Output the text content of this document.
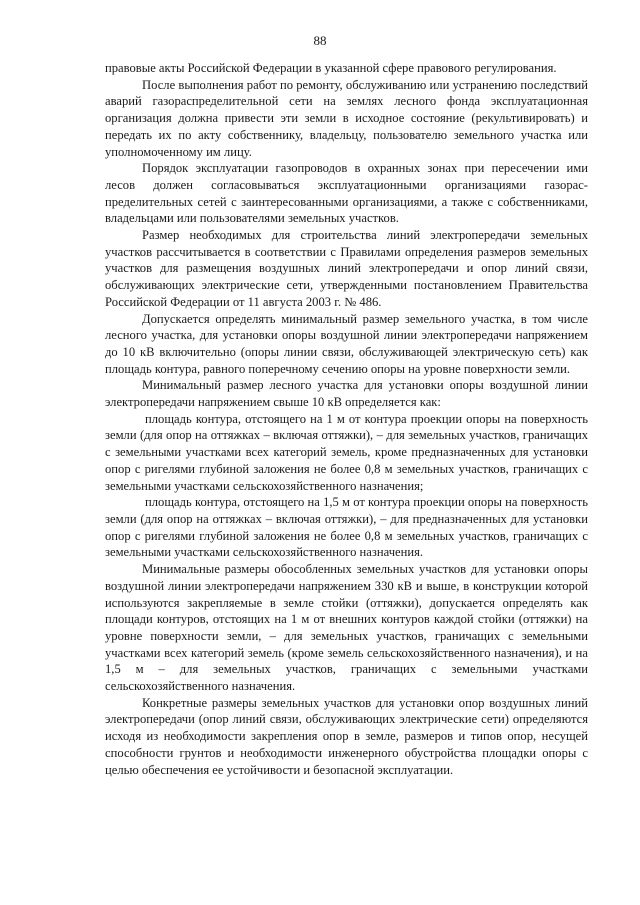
88

правовые акты Российской Федерации в указанной сфере правового регулирования.

После выполнения работ по ремонту, обслуживанию или устранению последствий аварий газораспределительной сети на землях лесного фонда эксплуатационная организация должна привести эти земли в исходное состояние (рекультивировать) и передать их по акту собственнику, владельцу, пользователю земельного участка или уполномоченному им лицу.

Порядок эксплуатации газопроводов в охранных зонах при пересечении ими лесов должен согласовываться эксплуатационными организациями газораспределительных сетей с заинтересованными организациями, а также с собственниками, владельцами или пользователями земельных участков.

Размер необходимых для строительства линий электропередачи земельных участков рассчитывается в соответствии с Правилами определения размеров земельных участков для размещения воздушных линий электропередачи и опор линий связи, обслуживающих электрические сети, утвержденными постановлением Правительства Российской Федерации от 11 августа 2003 г. № 486.

Допускается определять минимальный размер земельного участка, в том числе лесного участка, для установки опоры воздушной линии электропередачи напряжением до 10 кВ включительно (опоры линии связи, обслуживающей электрическую сеть) как площадь контура, равного поперечному сечению опоры на уровне поверхности земли.

Минимальный размер лесного участка для установки опоры воздушной линии электропередачи напряжением свыше 10 кВ определяется как:

площадь контура, отстоящего на 1 м от контура проекции опоры на поверхность земли (для опор на оттяжках – включая оттяжки), – для земельных участков, граничащих с земельными участками всех категорий земель, кроме предназначенных для установки опор с ригелями глубиной заложения не более 0,8 м земельных участков, граничащих с земельными участками сельскохозяйственного назначения;

площадь контура, отстоящего на 1,5 м от контура проекции опоры на поверхность земли (для опор на оттяжках – включая оттяжки), – для предназначенных для установки опор с ригелями глубиной заложения не более 0,8 м земельных участков, граничащих с земельными участками сельскохозяйственного назначения.

Минимальные размеры обособленных земельных участков для установки опоры воздушной линии электропередачи напряжением 330 кВ и выше, в конструкции которой используются закрепляемые в земле стойки (оттяжки), допускается определять как площади контуров, отстоящих на 1 м от внешних контуров каждой стойки (оттяжки) на уровне поверхности земли, – для земельных участков, граничащих с земельными участками всех категорий земель (кроме земель сельскохозяйственного назначения), и на 1,5 м – для земельных участков, граничащих с земельными участками сельскохозяйственного назначения.

Конкретные размеры земельных участков для установки опор воздушных линий электропередачи (опор линий связи, обслуживающих электрические сети) определяются исходя из необходимости закрепления опор в земле, размеров и типов опор, несущей способности грунтов и необходимости инженерного обустройства площадки опоры с целью обеспечения ее устойчивости и безопасной эксплуатации.
